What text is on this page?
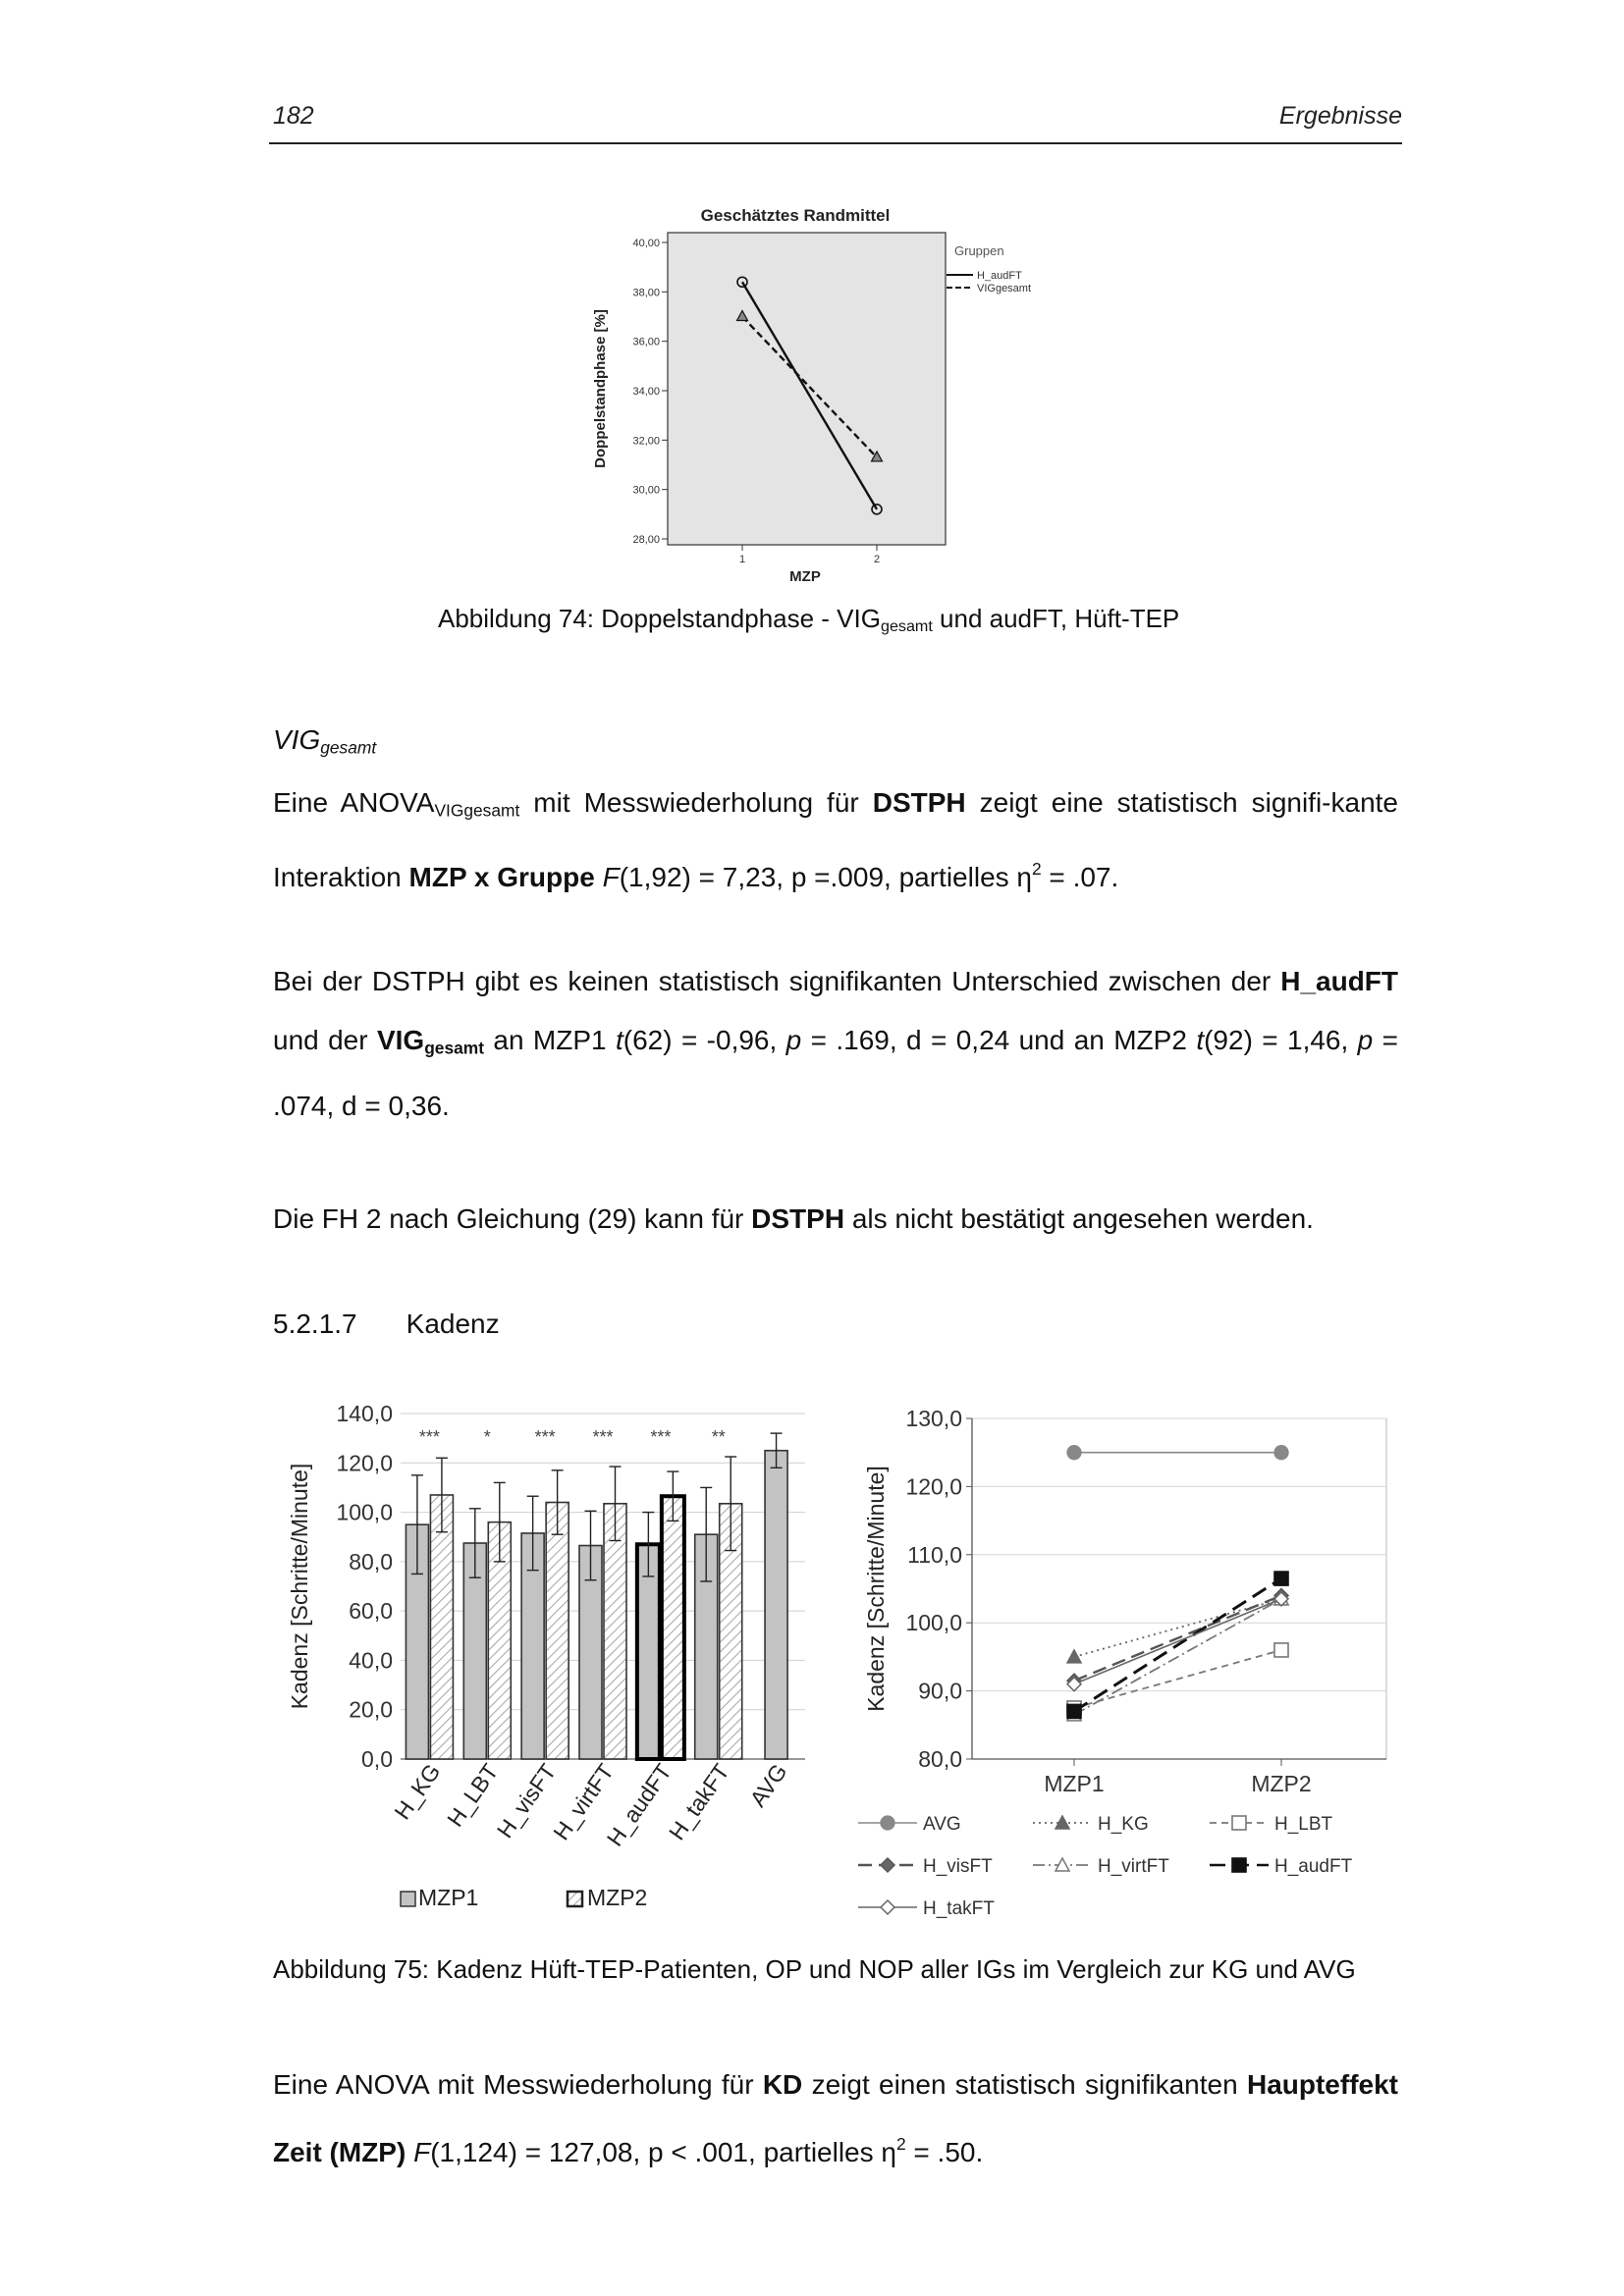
182	Ergebnisse
Geschätztes Randmittel
40,00
38,00
36,00
34,00
32,00
30,00
28,00
1	2
MZP
Doppelstandphase [%]
Gruppen
H_audFT
VIGgesamt
Abbildung 74: Doppelstandphase - $VIG_{gesamt}$ und audFT, Hüft-TEP
$VIG_{gesamt}$
Eine $ANOVA_{VIGgesamt}$ mit Messwiederholung für DSTPH zeigt eine statistisch signifi-kante Interaktion MZP x Gruppe F(1,92) = 7,23, p =.009, partielles $\eta^2 = .07$.
Bei der DSTPH gibt es keinen statistisch signifikanten Unterschied zwischen der H_audFT und der $VIG_{gesamt}$ an MZP1 t(62) = -0,96, p = .169, d = 0,24 und an MZP2 t(92) = 1,46, p = .074, d = 0,36.
Die FH 2 nach Gleichung (29) kann für DSTPH als nicht bestätigt angesehen werden.
5.2.1.7 Kadenz
140,0
120,0
100,0
80,0
60,0
40,0
20,0
0,0
Kadenz [Schritte/Minute]
***
H_KG
*
H_LBT
***
H_visFT
***
H_virtFT
***
H_audFT
**
H_takFT AVG
MZP1	MZP2
130,0
120,0
110,0
100,0
90,0
80,0
Kadenz [Schritte/Minute]
MZP1	MZP2
AVG	H_KG	H_LBT
H_visFT	H_virtFT	H_audFT
H_takFT
Abbildung 75: Kadenz Hüft-TEP-Patienten, OP und NOP aller IGs im Vergleich zur KG und AVG
Eine ANOVA mit Messwiederholung für KD zeigt einen statistisch signifikanten Haupteffekt Zeit (MZP) F(1,124) = 127,08, p < .001, partielles $\eta^2 = .50$.
